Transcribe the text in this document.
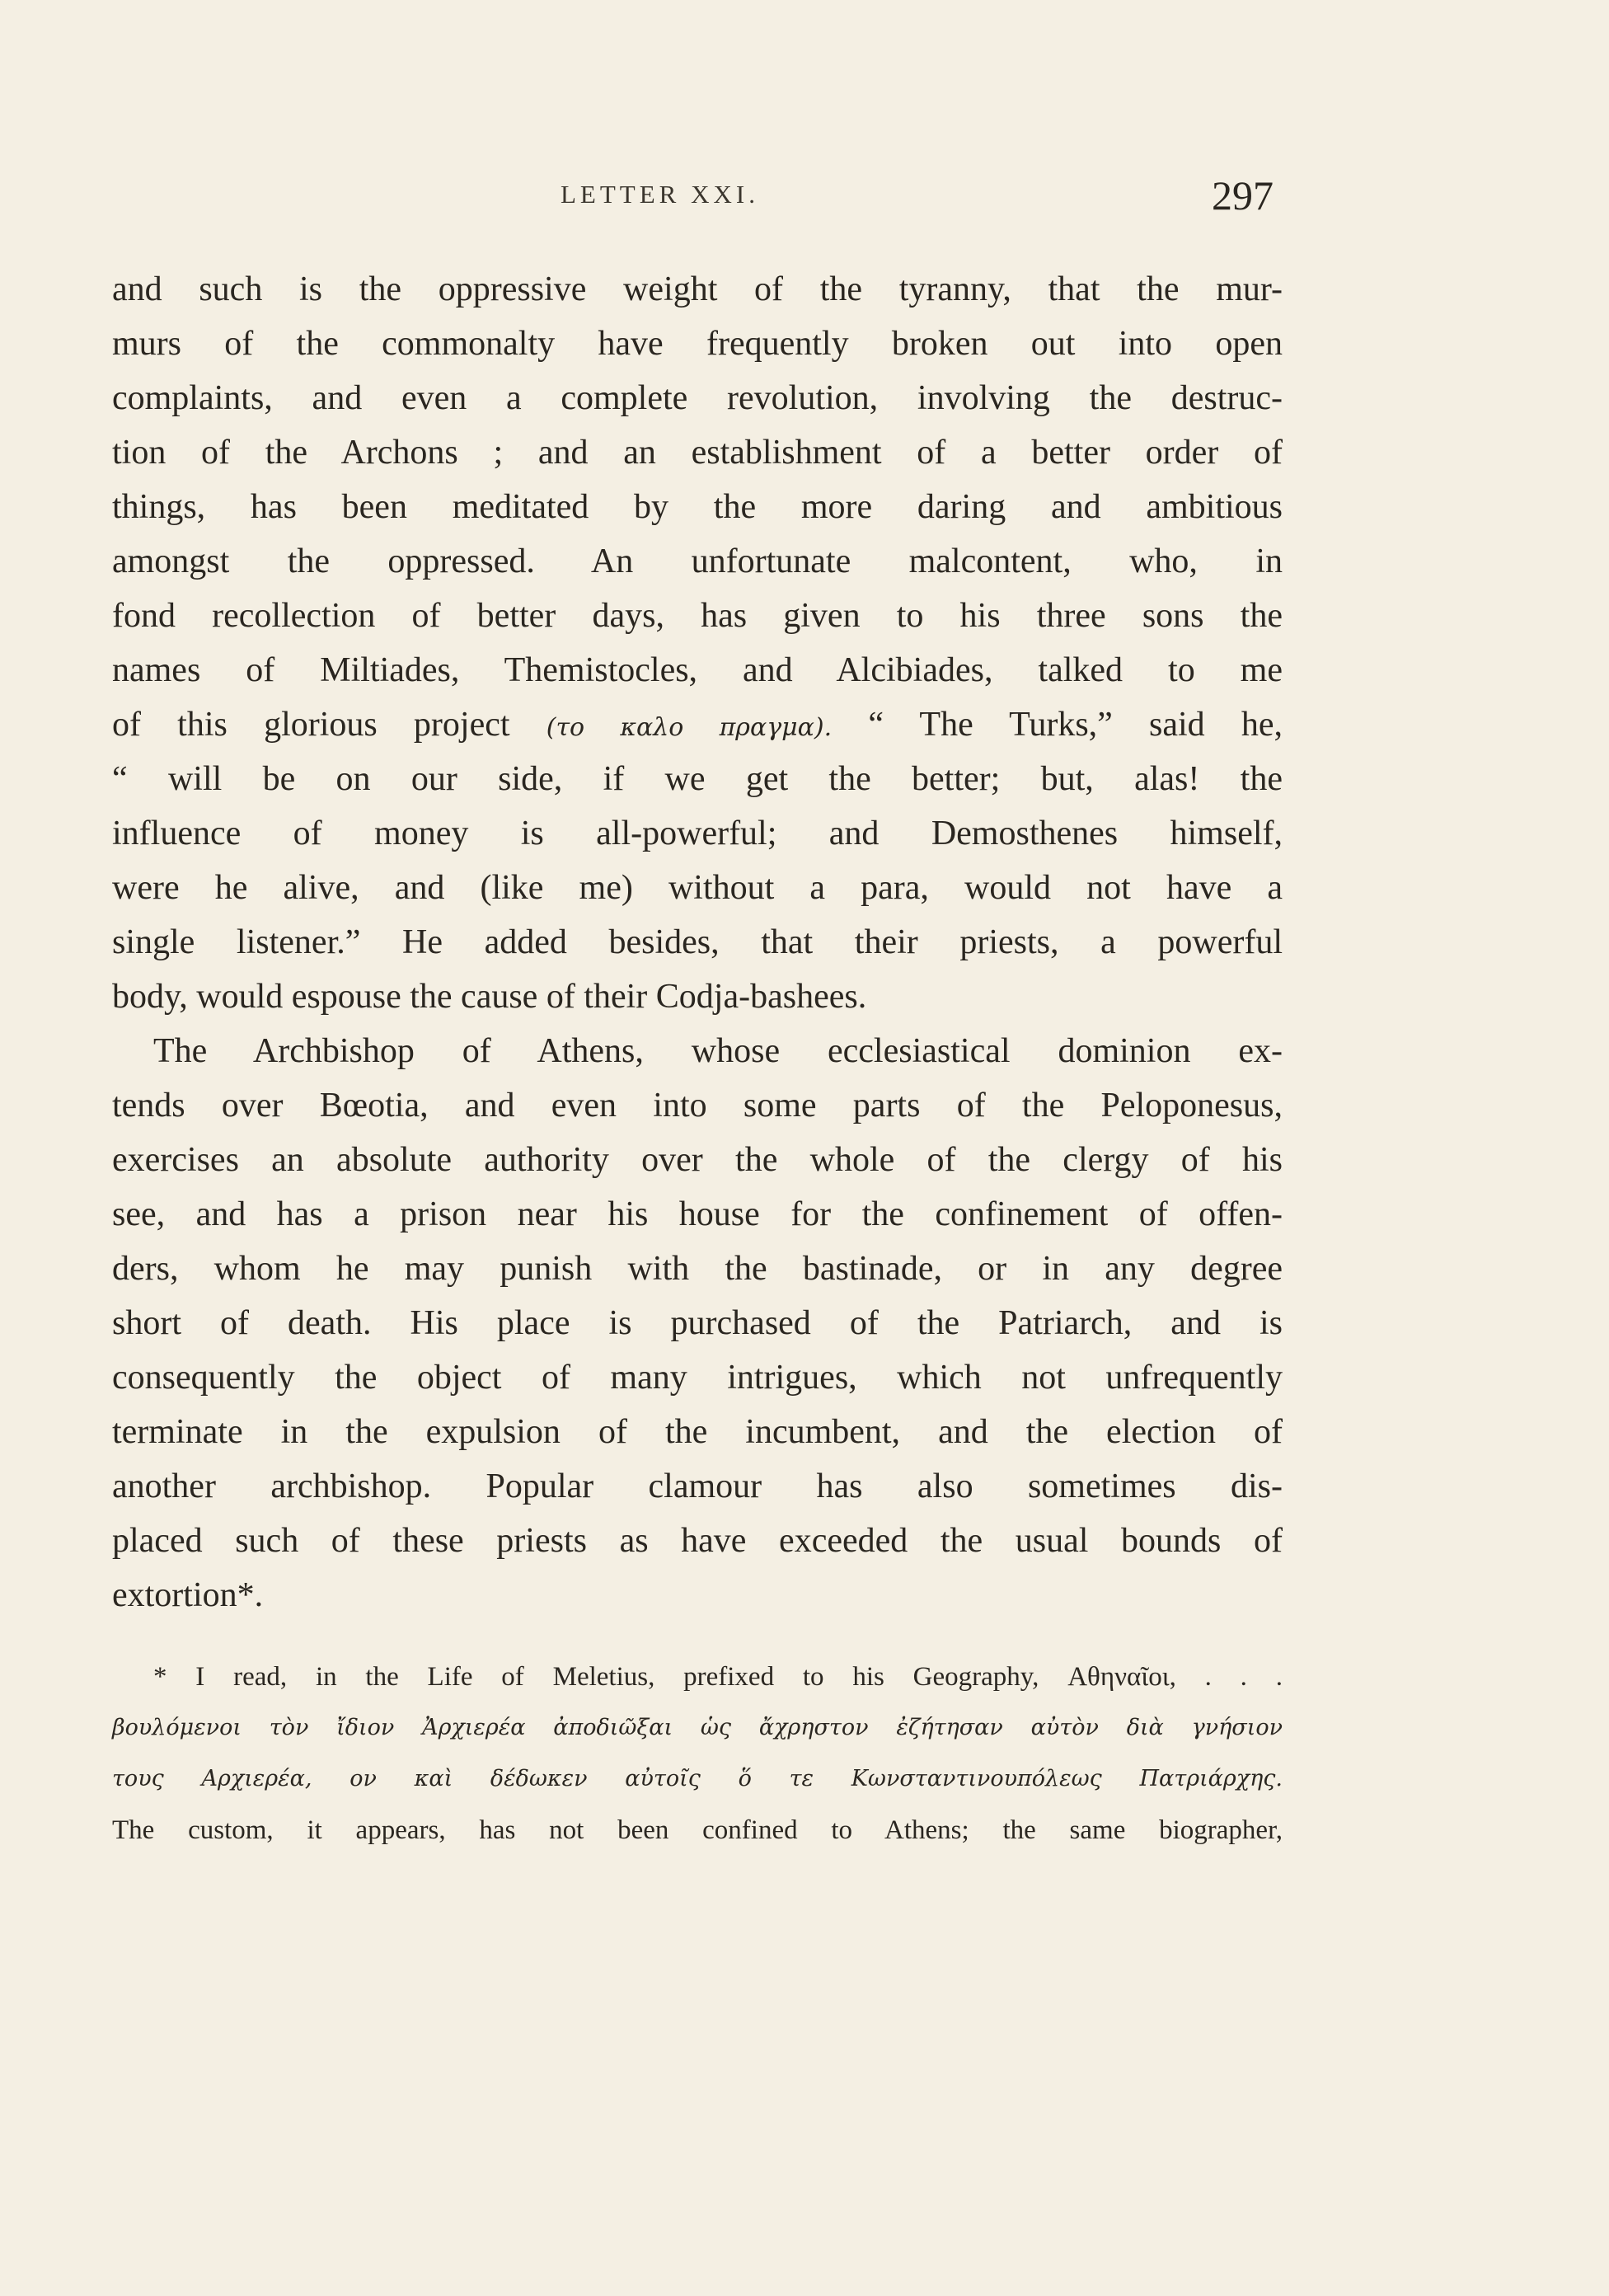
LETTER XXI.	297
and such is the oppressive weight of the tyranny, that the mur-
murs of the commonalty have frequently broken out into open
complaints, and even a complete revolution, involving the destruc-
tion of the Archons ; and an establishment of a better order of
things, has been meditated by the more daring and ambitious
amongst the oppressed. An unfortunate malcontent, who, in
fond recollection of better days, has given to his three sons the
names of Miltiades, Themistocles, and Alcibiades, talked to me
of this glorious project (το καλο πραγμα). “ The Turks,” said he,
“ will be on our side, if we get the better; but, alas! the
influence of money is all-powerful; and Demosthenes himself,
were he alive, and (like me) without a para, would not have a
single listener.” He added besides, that their priests, a powerful
body, would espouse the cause of their Codja-bashees.
The Archbishop of Athens, whose ecclesiastical dominion ex-
tends over Bœotia, and even into some parts of the Peloponesus,
exercises an absolute authority over the whole of the clergy of his
see, and has a prison near his house for the confinement of offen-
ders, whom he may punish with the bastinade, or in any degree
short of death. His place is purchased of the Patriarch, and is
consequently the object of many intrigues, which not unfrequently
terminate in the expulsion of the incumbent, and the election of
another archbishop. Popular clamour has also sometimes dis-
placed such of these priests as have exceeded the usual bounds of
extortion*.
* I read, in the Life of Meletius, prefixed to his Geography, Αθηναῖοι, . . .
βουλόμενοι τὸν ἴδιον Ἀρχιερέα ἀποδιῶξαι ὡς ἄχρηστον ἐζήτησαν αὐτὸν διὰ γνήσιον
τους Αρχιερέα, ον καὶ δέδωκεν αὐτοῖς ὅ τε Κωνσταντινουπόλεως Πατριάρχης.
The custom, it appears, has not been confined to Athens; the same biographer,
